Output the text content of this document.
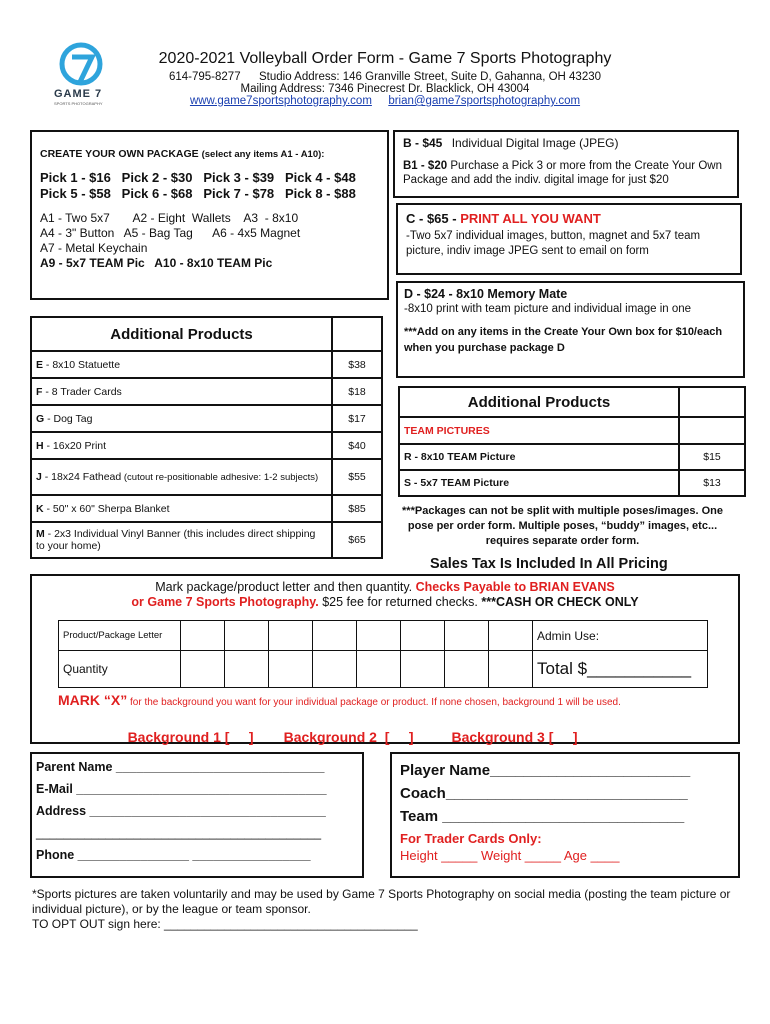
GAME 7
SPORTS PHOTOGRAPHY
2020-2021 Volleyball Order Form - Game 7 Sports Photography
614-795-8277 Studio Address: 146 Granville Street, Suite D, Gahanna, OH 43230
Mailing Address: 7346 Pinecrest Dr. Blacklick, OH 43004
www.game7sportsphotography.com brian@game7sportsphotography.com
CREATE YOUR OWN PACKAGE (select any items A1 - A10):
Pick 1 - $16   Pick 2 - $30   Pick 3 - $39   Pick 4 - $48
Pick 5 - $58   Pick 6 - $68   Pick 7 - $78   Pick 8 - $88
A1 - Two 5x7       A2 - Eight  Wallets    A3  - 8x10
A4 - 3" Button   A5 - Bag Tag      A6 - 4x5 Magnet
A7 - Metal Keychain
A9 - 5x7 TEAM Pic   A10 - 8x10 TEAM Pic
B - $45 Individual Digital Image (JPEG)
B1 - $20 Purchase a Pick 3 or more from the Create Your Own Package and add the indiv. digital image for just $20
C - $65 - PRINT ALL YOU WANT
-Two 5x7 individual images, button, magnet and 5x7 team picture, indiv image JPEG sent to email on form
D - $24 - 8x10 Memory Mate
-8x10 print with team picture and individual image in one
***Add on any items in the Create Your Own box for $10/each when you purchase package D
Additional Products	
E - 8x10 Statuette	$38
F - 8 Trader Cards	$18
G - Dog Tag	$17
H - 16x20 Print	$40
J - 18x24 Fathead (cutout re-positionable adhesive: 1-2 subjects)	$55
K - 50" x 60" Sherpa Blanket	$85
M - 2x3 Individual Vinyl Banner (this includes direct shipping to your home)	$65
Additional Products	
TEAM PICTURES	
R - 8x10 TEAM Picture	$15
S - 5x7 TEAM Picture	$13
***Packages can not be split with multiple poses/images. One pose per order form. Multiple poses, “buddy” images, etc... requires separate order form.
Sales Tax Is Included In All Pricing
Mark package/product letter and then quantity. Checks Payable to BRIAN EVANS
or Game 7 Sports Photography. $25 fee for returned checks. ***CASH OR CHECK ONLY
Product/Package Letter									Admin Use:
Quantity									Total $___________
MARK “X” for the background you want for your individual package or product. If none chosen, background 1 will be used.

Background 1 [     ] Background 2  [     ]	Background 3 [     ]

Parent Name ______________________________
E-Mail ____________________________________
Address __________________________________
_________________________________________
Phone ________________ _________________
Player Name________________________
Coach_____________________________
Team _____________________________
For Trader Cards Only:
Height _____ Weight _____ Age ____
*Sports pictures are taken voluntarily and may be used by Game 7 Sports Photography on social media (posting the team picture or individual picture), or by the league or team sponsor.
TO OPT OUT sign here: ______________________________________
